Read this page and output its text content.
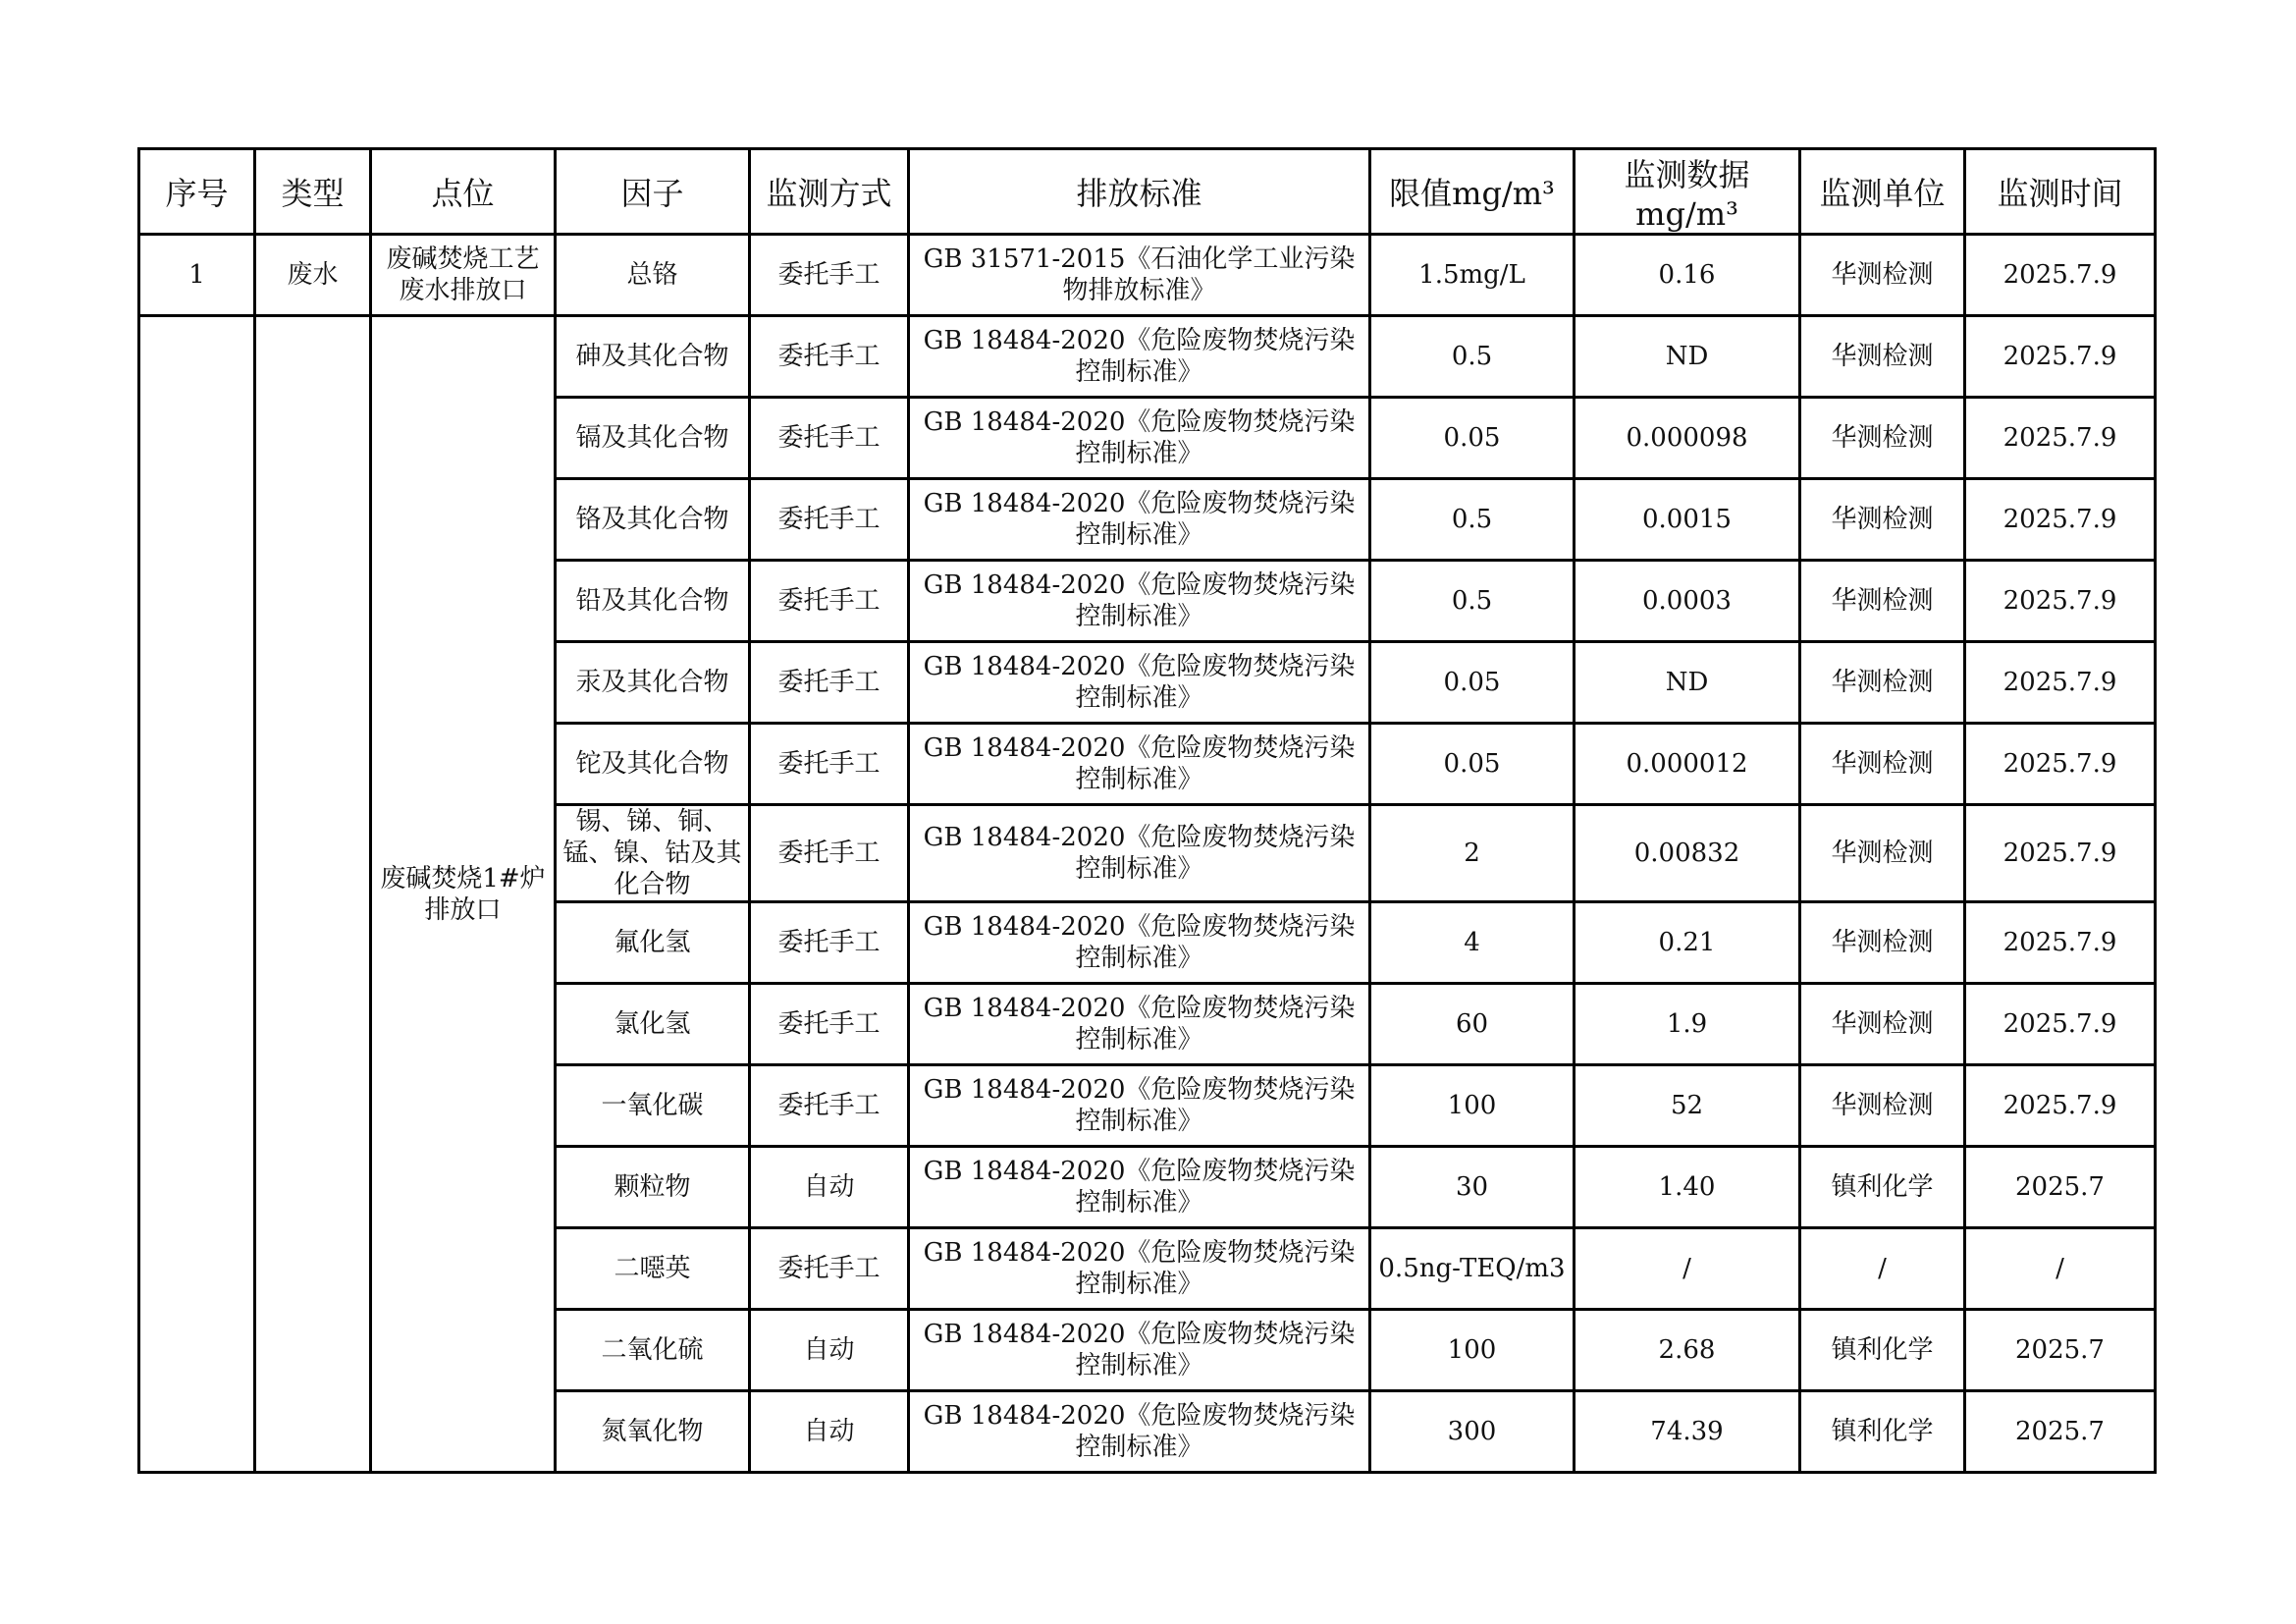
序号	类型	点位	因子	监测方式	排放标准	限值mg/m³	监测数据mg/m³	监测单位	监测时间
1	废水	废碱焚烧工艺废水排放口	总铬	委托手工	GB 31571-2015《石油化学工业污染物排放标准》	1.5mg/L	0.16	华测检测	2025.7.9
		废碱焚烧1#炉排放口	砷及其化合物	委托手工	GB 18484-2020《危险废物焚烧污染控制标准》	0.5	ND	华测检测	2025.7.9
			镉及其化合物	委托手工	GB 18484-2020《危险废物焚烧污染控制标准》	0.05	0.000098	华测检测	2025.7.9
			铬及其化合物	委托手工	GB 18484-2020《危险废物焚烧污染控制标准》	0.5	0.0015	华测检测	2025.7.9
			铅及其化合物	委托手工	GB 18484-2020《危险废物焚烧污染控制标准》	0.5	0.0003	华测检测	2025.7.9
			汞及其化合物	委托手工	GB 18484-2020《危险废物焚烧污染控制标准》	0.05	ND	华测检测	2025.7.9
			铊及其化合物	委托手工	GB 18484-2020《危险废物焚烧污染控制标准》	0.05	0.000012	华测检测	2025.7.9
			锡、锑、铜、锰、镍、钴及其化合物	委托手工	GB 18484-2020《危险废物焚烧污染控制标准》	2	0.00832	华测检测	2025.7.9
			氟化氢	委托手工	GB 18484-2020《危险废物焚烧污染控制标准》	4	0.21	华测检测	2025.7.9
			氯化氢	委托手工	GB 18484-2020《危险废物焚烧污染控制标准》	60	1.9	华测检测	2025.7.9
			一氧化碳	委托手工	GB 18484-2020《危险废物焚烧污染控制标准》	100	52	华测检测	2025.7.9
			颗粒物	自动	GB 18484-2020《危险废物焚烧污染控制标准》	30	1.40	镇利化学	2025.7
			二噁英	委托手工	GB 18484-2020《危险废物焚烧污染控制标准》	0.5ng-TEQ/m3	/	/	/
			二氧化硫	自动	GB 18484-2020《危险废物焚烧污染控制标准》	100	2.68	镇利化学	2025.7
			氮氧化物	自动	GB 18484-2020《危险废物焚烧污染控制标准》	300	74.39	镇利化学	2025.7
